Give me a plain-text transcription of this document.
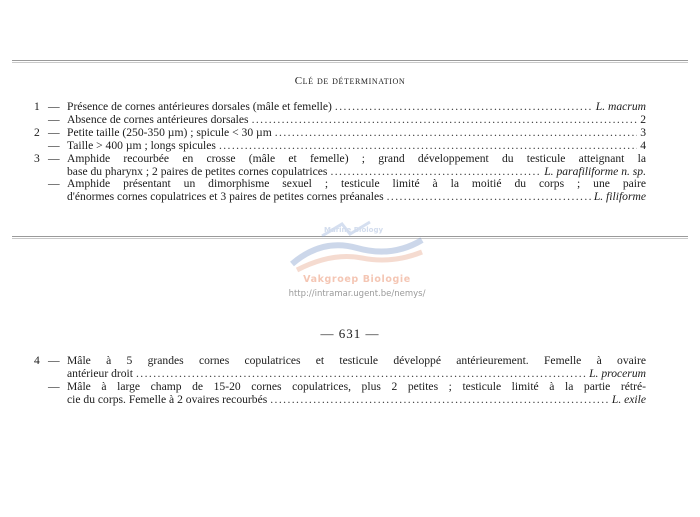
Clé de détermination
1 — Présence de cornes antérieures dorsales (mâle et femelle) .....	L. macrum
— Absence de cornes antérieures dorsales .....	2
2 — Petite taille (250-350 µm) ; spicule < 30 µm .....	3
— Taille > 400 µm ; longs spicules .....	4
3 — Amphide recourbée en crosse (mâle et femelle) ; grand développement du testicule atteignant la
base du pharynx ; 2 paires de petites cornes copulatrices .....	L. parafiliforme n. sp.
— Amphide présentant un dimorphisme sexuel ; testicule limité à la moitié du corps ; une paire
d'énormes cornes copulatrices et 3 paires de petites cornes préanales .....	L. filiforme
Marine Biology
Vakgroep Biologie
http://intramar.ugent.be/nemys/
— 631 —
4 — Mâle à 5 grandes cornes copulatrices et testicule développé antérieurement. Femelle à ovaire
antérieur droit .....	L. procerum
— Mâle à large champ de 15-20 cornes copulatrices, plus 2 petites ; testicule limité à la partie rétré-
cie du corps. Femelle à 2 ovaires recourbés .....	L. exile
